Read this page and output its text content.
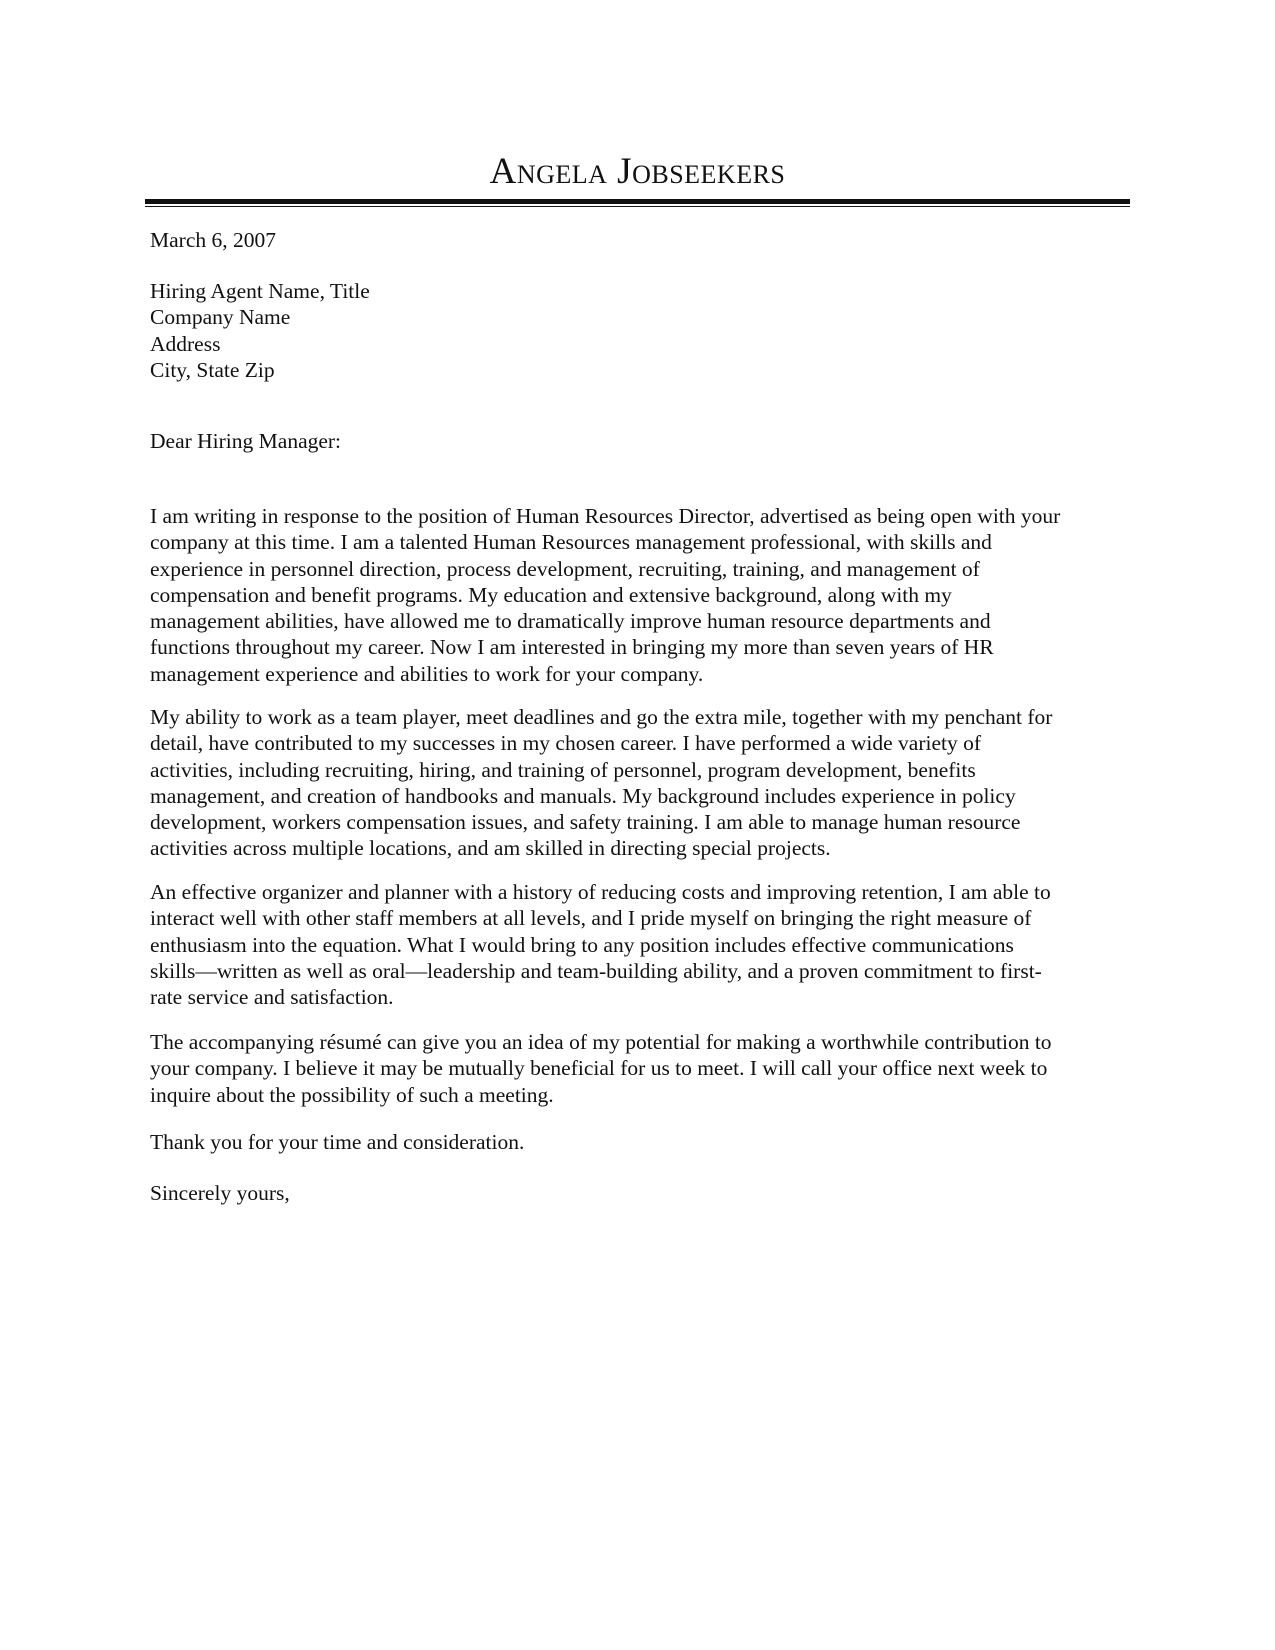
Angela Jobseekers
March 6, 2007
Hiring Agent Name, Title
Company Name
Address
City, State Zip
Dear Hiring Manager:
I am writing in response to the position of Human Resources Director, advertised as being open with your
company at this time. I am a talented Human Resources management professional, with skills and
experience in personnel direction, process development, recruiting, training, and management of
compensation and benefit programs. My education and extensive background, along with my
management abilities, have allowed me to dramatically improve human resource departments and
functions throughout my career. Now I am interested in bringing my more than seven years of HR
management experience and abilities to work for your company.
My ability to work as a team player, meet deadlines and go the extra mile, together with my penchant for
detail, have contributed to my successes in my chosen career. I have performed a wide variety of
activities, including recruiting, hiring, and training of personnel, program development, benefits
management, and creation of handbooks and manuals. My background includes experience in policy
development, workers compensation issues, and safety training. I am able to manage human resource
activities across multiple locations, and am skilled in directing special projects.
An effective organizer and planner with a history of reducing costs and improving retention, I am able to
interact well with other staff members at all levels, and I pride myself on bringing the right measure of
enthusiasm into the equation. What I would bring to any position includes effective communications
skills—written as well as oral—leadership and team-building ability, and a proven commitment to first-
rate service and satisfaction.
The accompanying résumé can give you an idea of my potential for making a worthwhile contribution to
your company. I believe it may be mutually beneficial for us to meet. I will call your office next week to
inquire about the possibility of such a meeting.
Thank you for your time and consideration.
Sincerely yours,
